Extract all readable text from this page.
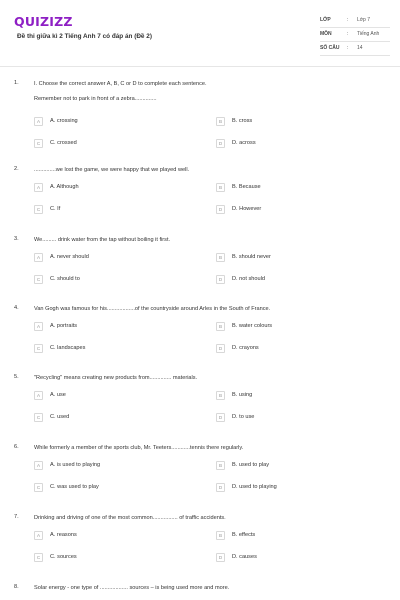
QUIZIZZ
Đề thi giữa kì 2 Tiếng Anh 7 có đáp án (Đề 2)
LỚP	: Lớp 7
MÔN	: Tiếng Anh
SỐ CÂU : 14
1.	I. Choose the correct answer A, B, C or D to complete each sentence.
Remember not to park in front of a zebra..............
A	A. crossing	B	B. cross
C	C. crossed	D	D. across
2.	..............we lost the game, we were happy that we played well.
A	A. Although	B	B. Because
C	C. If	D	D. However
3.	We......... drink water from the tap without boiling it first.
A	A. never should	B	B. should never
C	C. should to	D	D. not should
4.	Van Gogh was famous for his..................of the countryside around Arles in the South of France.
A	A. portraits	B	B. water colours
C	C. landscapes	D	D. crayons
5.	"Recycling" means creating new products from.............. materials.
A	A. use	B	B. using
C	C. used	D	D. to use
6.	While formerly a member of the sports club, Mr. Teeters............tennis there regularly.
A	A. is used to playing	B	B. used to play
C	C. was used to play	D	D. used to playing
7.	Drinking and driving of one of the most common................ of traffic accidents.
A	A. reasons	B	B. effects
C	C. sources	D	D. causes
8.	Solar energy - one type of .................. sources – is being used more and more.
